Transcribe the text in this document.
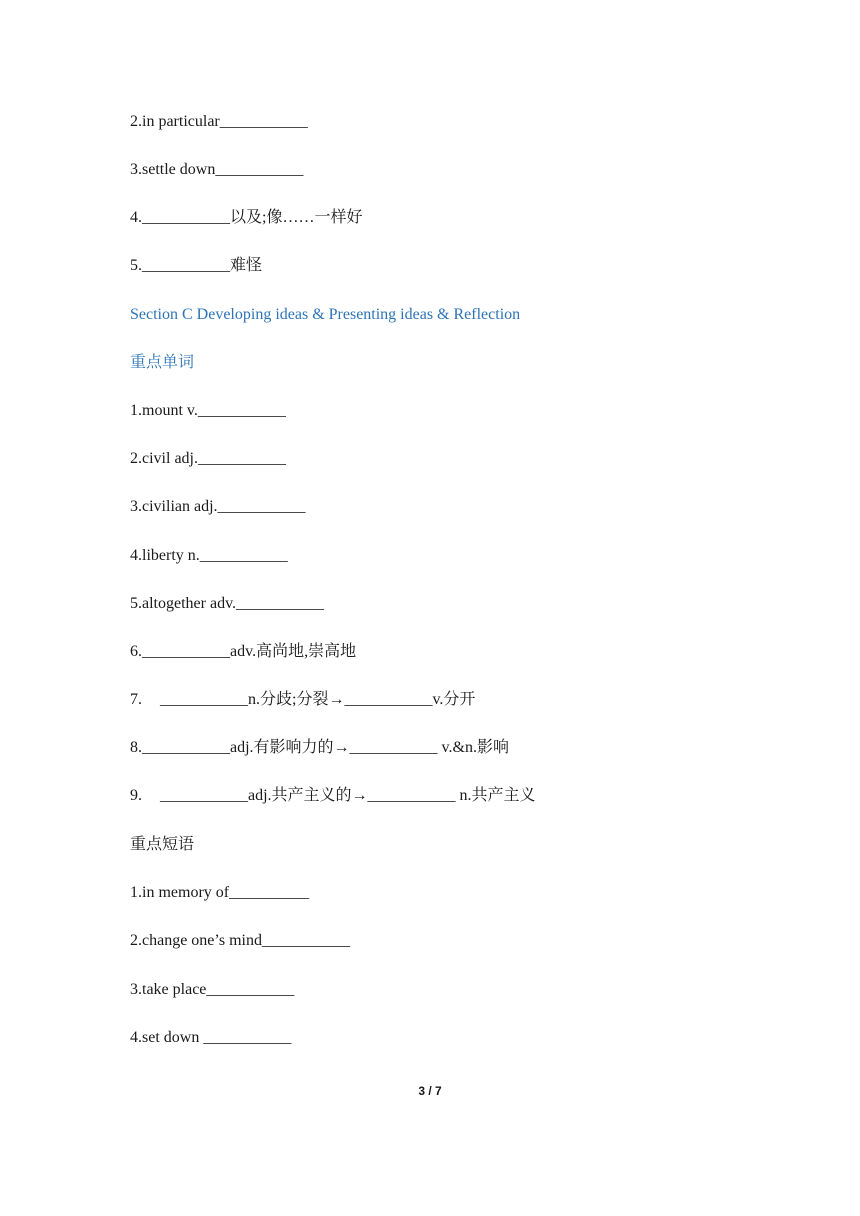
2.in particular___________
3.settle down___________
4.___________以及;像……一样好
5.___________难怪
Section C Developing ideas & Presenting ideas & Reflection
重点单词
1.mount v.___________
2.civil adj.___________
3.civilian adj.___________
4.liberty n.___________
5.altogether adv.___________
6.___________adv.高尚地,崇高地
7. ___________n.分歧;分裂→___________v.分开
8.___________adj.有影响力的→___________ v.&n.影响
9. ___________adj.共产主义的→___________ n.共产主义
重点短语
1.in memory of__________
2.change one’s mind___________
3.take place___________
4.set down ___________
3 / 7
